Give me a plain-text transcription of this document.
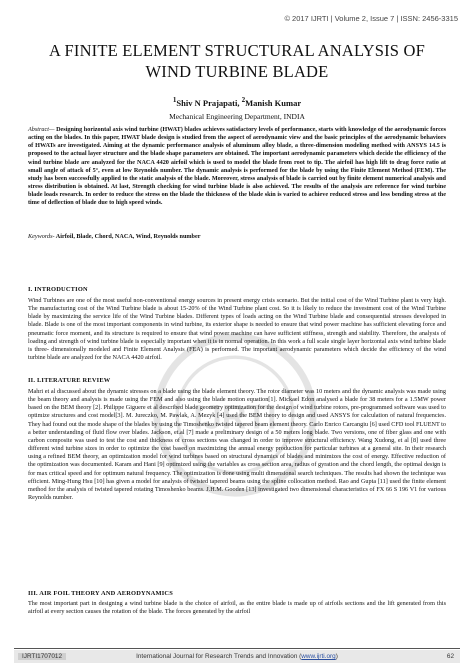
IJRTI
© 2017 IJRTI | Volume 2, Issue 7 | ISSN: 2456-3315
A FINITE ELEMENT STRUCTURAL ANALYSIS OF
WIND TURBINE BLADE
$^1$Shiv N Prajapati, $^2$Manish Kumar
Mechanical Engineering Department, INDIA
Abstract— Designing horizontal axis wind turbine (HWAT) blades achieves satisfactory levels of performance, starts with knowledge of the aerodynamic forces acting on the blades. In this paper, HWAT blade design is studied from the aspect of aerodynamic view and the basic principles of the aerodynamic behaviors of HWATs are investigated. Aiming at the dynamic performance analysis of aluminum alloy blade, a three-dimension modeling method with ANSYS 14.5 is proposed to the actual layer structure and the blade shape parameters are obtained. The important aerodynamic parameters which decide the efficiency of the wind turbine blade are analyzed for the NACA 4420 airfoil which is used to model the blade from root to tip. The airfoil has high lift to drag force ratio at small angle of attack of 5°, even at low Reynolds number. The dynamic analysis is performed for the blade by using the Finite Element Method (FEM). The study has been successfully applied to the static analysis of the blade. Moreover, stress analysis of blade is carried out by finite element numerical analysis and stress distribution is obtained. At last, Strength checking for wind turbine blade is also achieved. The results of the analysis are reference for wind turbine blade loads research. In order to reduce the stress on the blade the thickness of the blade skin is varied to achieve reduced stress and less bending stress at the time of deflection of blade due to high speed winds.
Keywords- Airfoil, Blade, Chord, NACA, Wind, Reynolds number
I. INTRODUCTION
Wind Turbines are one of the most useful non-conventional energy sources in present energy crisis scenario. But the initial cost of the Wind Turbine plant is very high. The manufacturing cost of the Wind Turbine blade is about 15-20% of the Wind Turbine plant cost. So it is likely to reduce the investment cost of the Wind Turbine blade by maximizing the service life of the Wind Turbine blades. Different types of loads acting on the Wind Turbine blade and consequential stresses developed in blade. Blade is one of the most important components in wind turbine, its exterior shape is needed to ensure that wind power machine has sufficient elevating force and pneumatic force moment, and its structure is required to ensure that wind power machine can have sufficient stiffness, strength and stability. Therefore, the analysis of loading and strength of wind turbine blade is especially important when it is in normal operation. In this work a full scale single layer horizontal axis wind turbine blade is three- dimensionally modeled and Finite Element Analysis (FEA) is performed. The important aerodynamic parameters which decide the efficiency of the wind turbine blade are analyzed for the NACA 4420 airfoil.
II. LITERATURE REVIEW
Mahri et al discussed about the dynamic stresses on a blade using the blade element theory. The rotor diameter was 10 meters and the dynamic analysis was made using the beam theory and analysis is made using the FEM and also using the blade motion equation[1]. Mickael Edon analysed a blade for 38 meters for a 1.5MW power based on the BEM theory [2]. Philippe Giguere et al described blade geometry optimization for the design of wind turbine rotors, pre-programmed software was used to optimize structures and cost model[3]. M. Jureczko, M. Pawlak, A. Mezyk [4] used the BEM theory to design and used ANSYS for calculation of natural frequencies. They had found out the mode shape of the blades by using the Timoshenko twisted tapered beam element theory. Carlo Enrico Carcangiu [6] used CFD tool FLUENT to a better understanding of fluid flow over blades. Jackson, et.al [7] made a preliminary design of a 50 meters long blade. Two versions, one of fiber glass and one with carbon composite was used to test the cost and thickness of cross sections was changed in order to improve structural efficiency. Wang Xudong, et al [8] used three different wind turbine sizes in order to optimize the cost based on maximizing the annual energy production for particular turbines at a general site. In their research using a refined BEM theory, an optimization model for wind turbines based on structural dynamics of blades and minimizes the cost of energy. Effective reduction of the optimization was documented. Karam and Hani [9] optimized using the variables as cross section area, radius of gyration and the chord length, the optimal design is for max critical speed and for optimum natural frequency. The optimization is done using multi dimensional search techniques. The results had shown the technique was efficient. Ming-Hung Hsu [10] has given a model for analysis of twisted tapered beams using the spline collocation method. Rao and Gupta [11] used the finite element method for the analysis of twisted tapered rotating Timoshenko beams. J.H.M. Gooden [13] investigated two dimensional characteristics of FX 66 S 196 V1 for various Reynolds number.
III. AIR FOIL THEORY AND AERODYNAMICS
The most important part in designing a wind turbine blade is the choice of airfoil, as the entire blade is made up of airfoils sections and the lift generated from this airfoil at every section causes the rotation of the blade. The forces generated by the airfoil
IJRTI1707012	International Journal for Research Trends and Innovation (www.ijrti.org)	62
